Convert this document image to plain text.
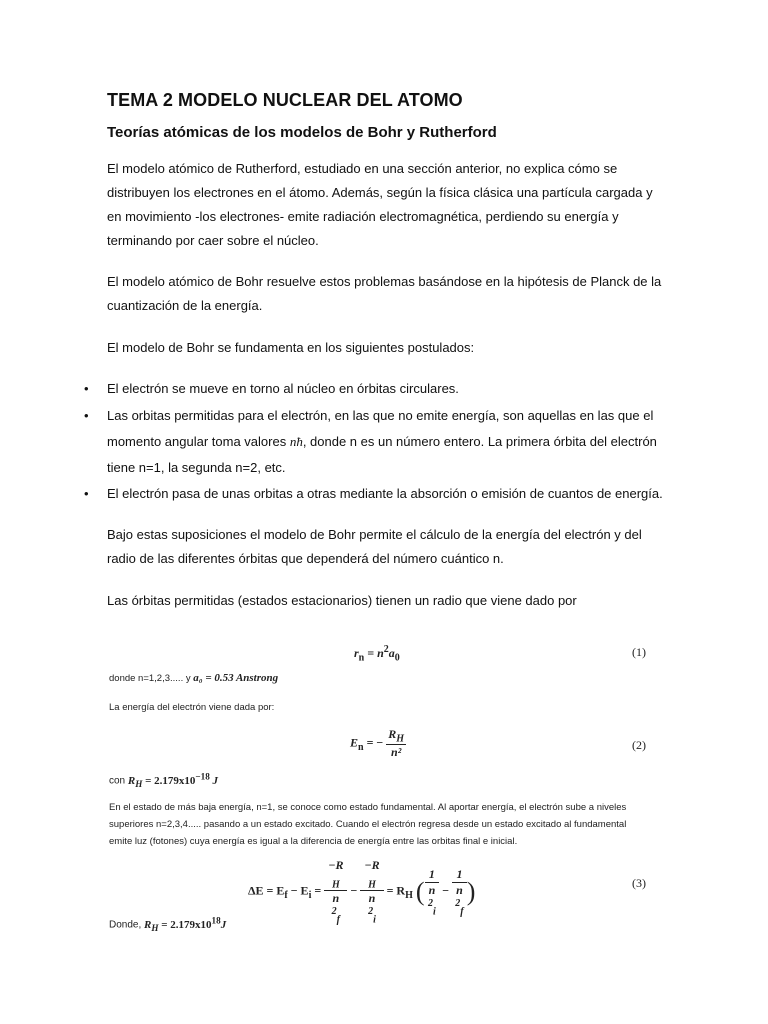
TEMA 2 MODELO NUCLEAR DEL ATOMO
Teorías atómicas de los modelos de Bohr y Rutherford

El modelo atómico de Rutherford, estudiado en una sección anterior, no explica cómo se distribuyen los electrones en el átomo. Además, según la física clásica una partícula cargada y en movimiento -los electrones- emite radiación electromagnética, perdiendo su energía y terminando por caer sobre el núcleo.

El modelo atómico de Bohr resuelve estos problemas basándose en la hipótesis de Planck de la cuantización de la energía.

El modelo de Bohr se fundamenta en los siguientes postulados:

• El electrón se mueve en torno al núcleo en órbitas circulares.
• Las orbitas permitidas para el electrón, en las que no emite energía, son aquellas en las que el momento angular toma valores nħ, donde n es un número entero. La primera órbita del electrón tiene n=1, la segunda n=2, etc.
• El electrón pasa de unas orbitas a otras mediante la absorción o emisión de cuantos de energía.

Bajo estas suposiciones el modelo de Bohr permite el cálculo de la energía del electrón y del radio de las diferentes órbitas que dependerá del número cuántico n.

Las órbitas permitidas (estados estacionarios) tienen un radio que viene dado por

$r_n = n^2a_0$	(1)
donde n=1,2,3..... y a₀ = 0.53 Anstrong
La energía del electrón viene dada por:
$E_n$ = − $\frac{R_H}{\text{n²}}$	(2)
con $R_H = 2.179x10^{-18}$ J
En el estado de más baja energía, n=1, se conoce como estado fundamental. Al aportar energía, el electrón sube a niveles
superiores n=2,3,4..... pasando a un estado excitado. Cuando el electrón regresa desde un estado excitado al fundamental
emite luz (fotones) cuya energía es igual a la diferencia de energía entre las orbitas final e inicial.
$\Delta E = E_f - E_i = -R$
$_H$
n
$^2_f$ − −R
$_H$
n
$^2_i = R_H$ ( 1
n
$^2_i$ − 1
n
$^2_f$ )	(3)
Donde, $R_H = 2.179x10^{18}J$
